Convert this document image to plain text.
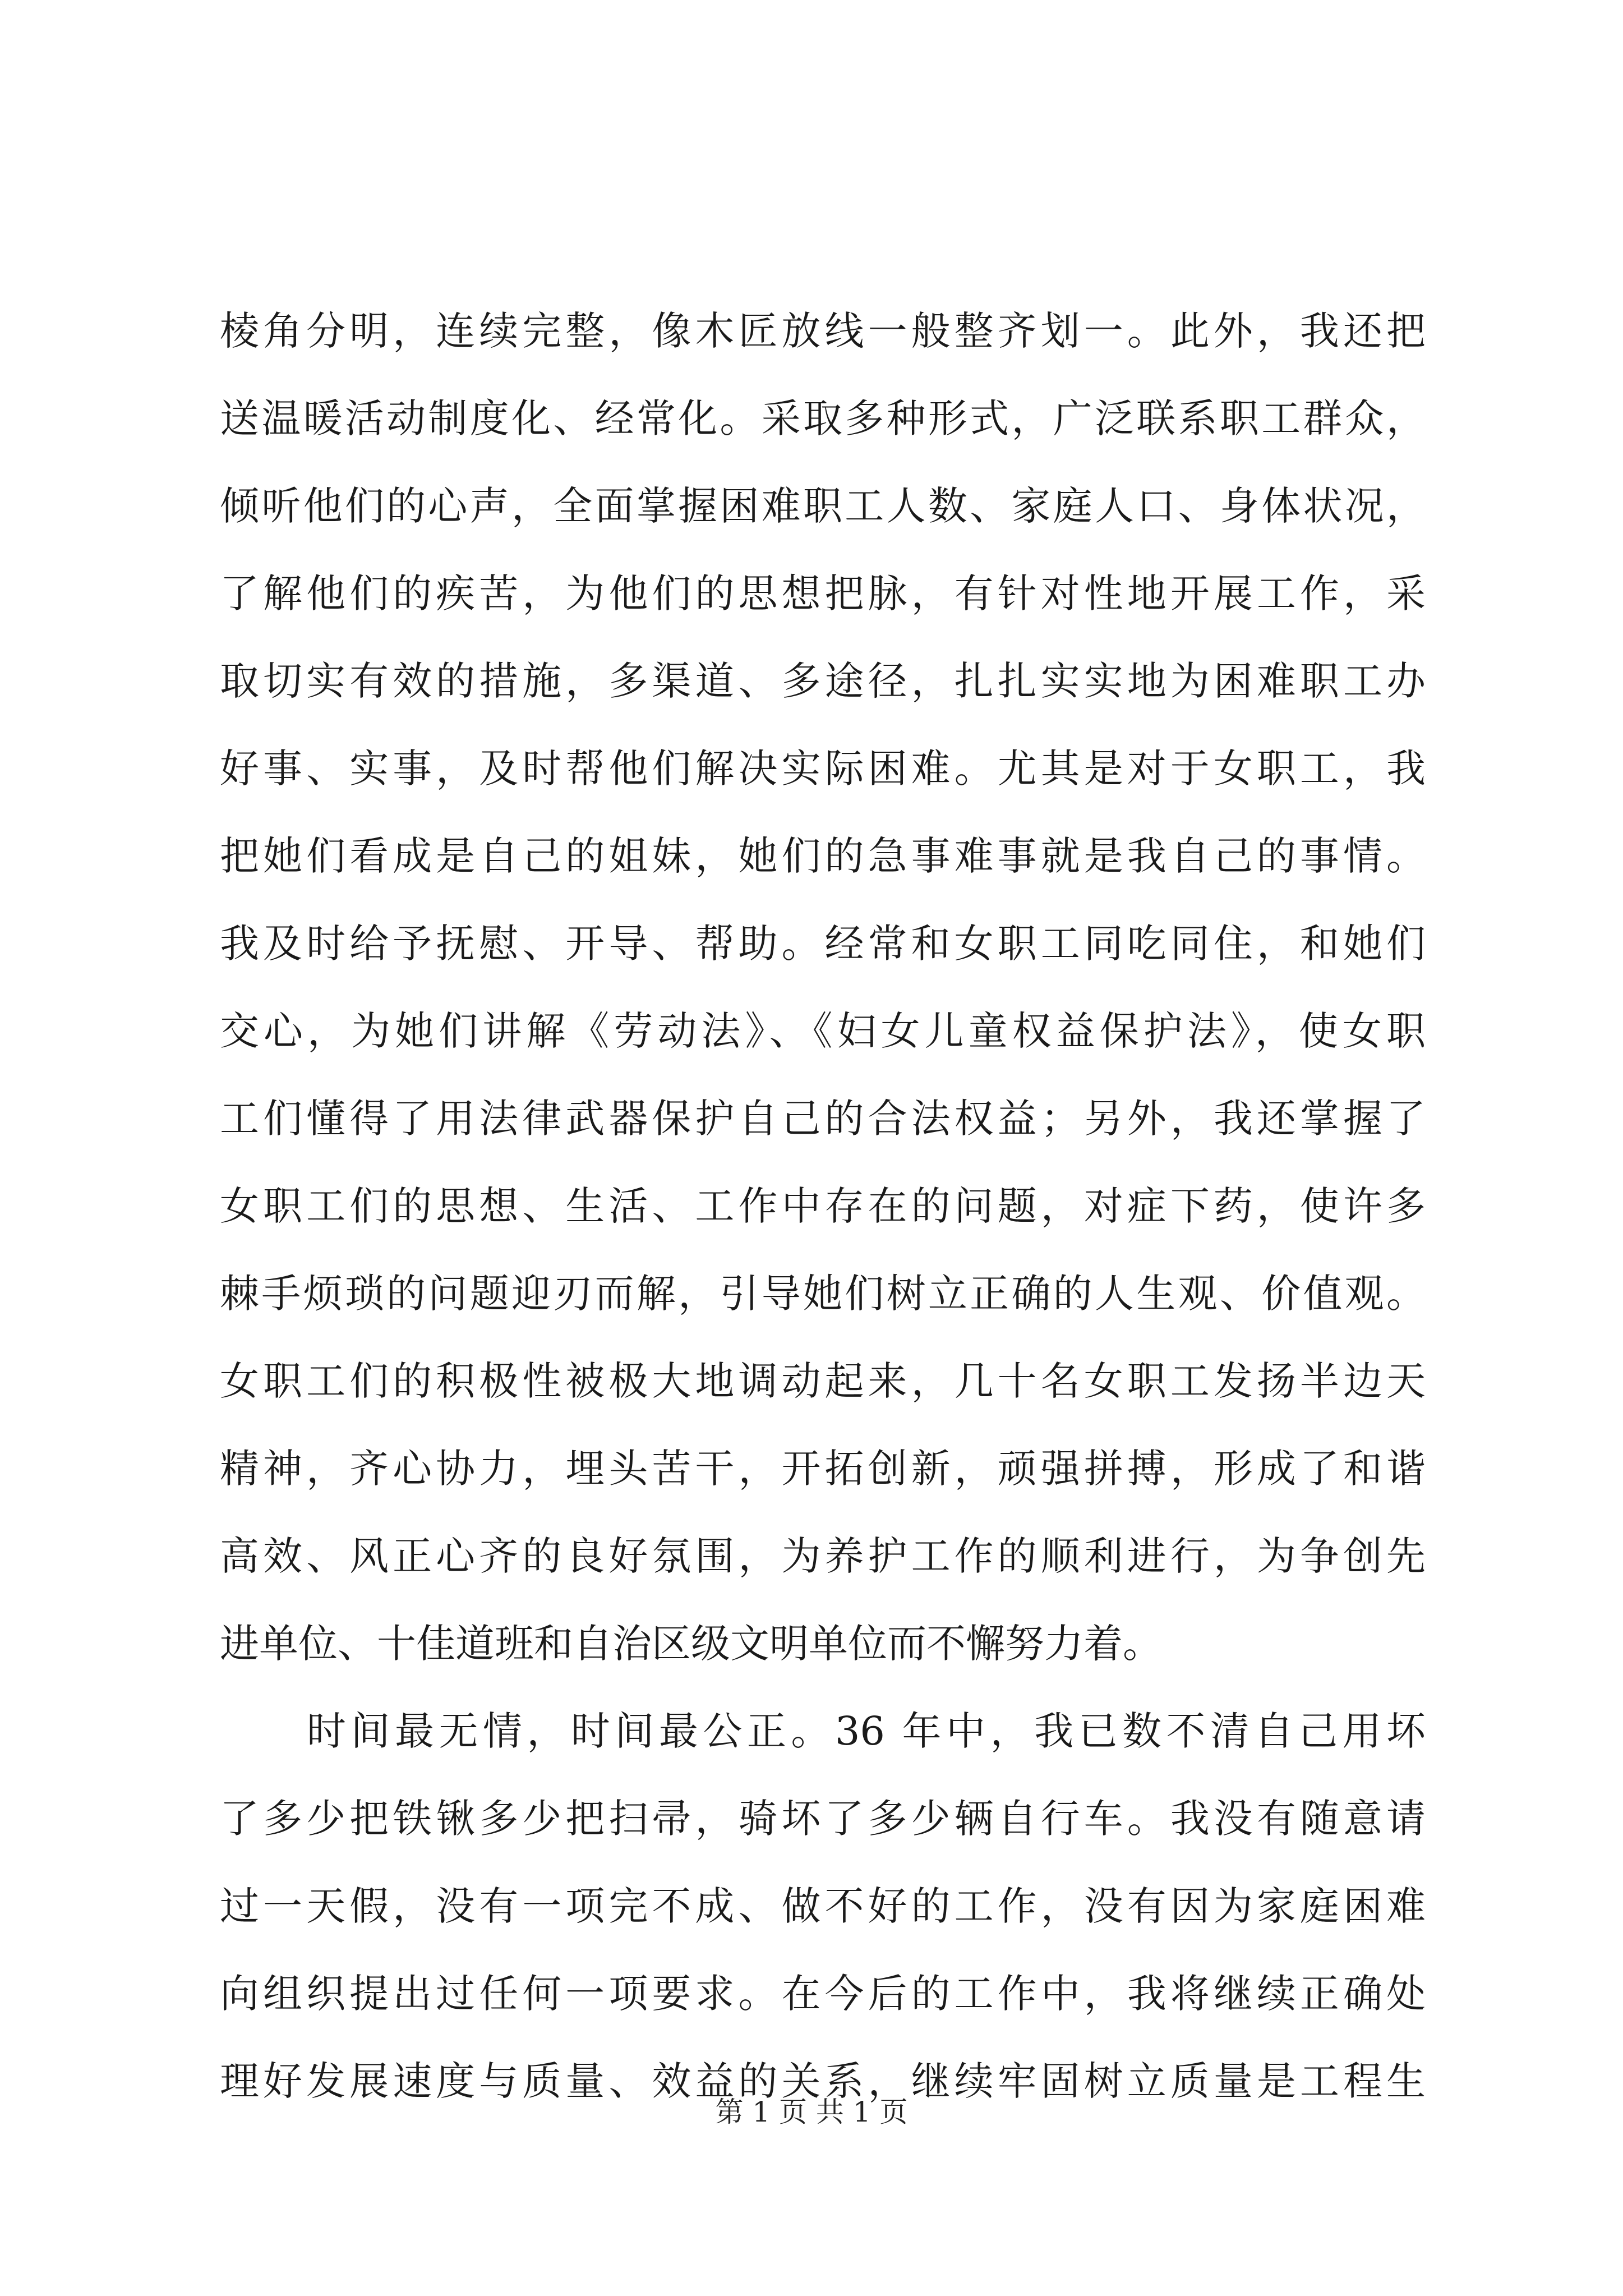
棱角分明，连续完整，像木匠放线一般整齐划一。此外，我还把
送温暖活动制度化、经常化。采取多种形式，广泛联系职工群众，
倾听他们的心声，全面掌握困难职工人数、家庭人口、身体状况，
了解他们的疾苦，为他们的思想把脉，有针对性地开展工作，采
取切实有效的措施，多渠道、多途径，扎扎实实地为困难职工办
好事、实事，及时帮他们解决实际困难。尤其是对于女职工，我
把她们看成是自己的姐妹，她们的急事难事就是我自己的事情。
我及时给予抚慰、开导、帮助。经常和女职工同吃同住，和她们
交心，为她们讲解《劳动法》、《妇女儿童权益保护法》，使女职
工们懂得了用法律武器保护自己的合法权益；另外，我还掌握了
女职工们的思想、生活、工作中存在的问题，对症下药，使许多
棘手烦琐的问题迎刃而解，引导她们树立正确的人生观、价值观。
女职工们的积极性被极大地调动起来，几十名女职工发扬半边天
精神，齐心协力，埋头苦干，开拓创新，顽强拼搏，形成了和谐
高效、风正心齐的良好氛围，为养护工作的顺利进行，为争创先
进单位、十佳道班和自治区级文明单位而不懈努力着。
时间最无情，时间最公正。36 年中，我已数不清自己用坏
了多少把铁锹多少把扫帚，骑坏了多少辆自行车。我没有随意请
过一天假，没有一项完不成、做不好的工作，没有因为家庭困难
向组织提出过任何一项要求。在今后的工作中，我将继续正确处
理好发展速度与质量、效益的关系，继续牢固树立质量是工程生
第 1 页 共 1 页
